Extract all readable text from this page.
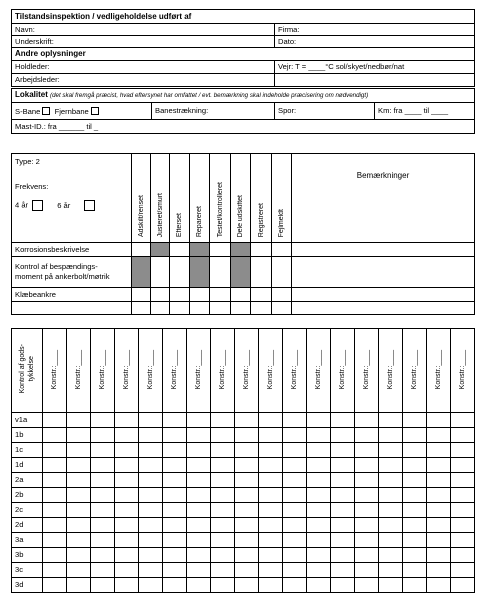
Tilstandsinspektion / vedligeholdelse udført af	
Navn:	Firma:
Underskrift:	Dato:
Andre oplysninger	
Holdleder:	Vejr: T = ____°C sol/skyet/nedbør/nat
Arbejdsleder:	
Lokalitet (det skal fremgå præcist, hvad eftersynet har omfattet / evt. bemærkning skal indeholde præcisering om nødvendigt)
S-Bane Fjernbane	Banestrækning:	Spor:	Km: fra ____ til ____
Mast-ID.: fra ______ til _
Type: 2
Frekvens:
4 år 6 år	Adskilt/renset	Justeret/smurt	Efterset	Repareret	Testet/kontrolleret	Dele udskiftet	Registreret	Fejlmeldt	Bemærkninger
Korrosionsbeskrivelse									

Kontrol af bespændings-
moment på ankerbolt/møtrik									

Klæbeankre									

Kontrol af gods- tykkelse	Konstr.:____	Konstr.:____	Konstr.:____	Konstr.:____	Konstr.:____	Konstr.:____	Konstr.:____	Konstr.:____	Konstr.:____	Konstr.:____	Konstr.:____	Konstr.:____	Konstr.:____	Konstr.:____	Konstr.:____	Konstr.:____	Konstr.:____	Konstr.:____
v1a																		
1b																		
1c																		
1d																		
2a																		
2b																		
2c																		
2d																		
3a																		
3b																		
3c																		
3d																		
